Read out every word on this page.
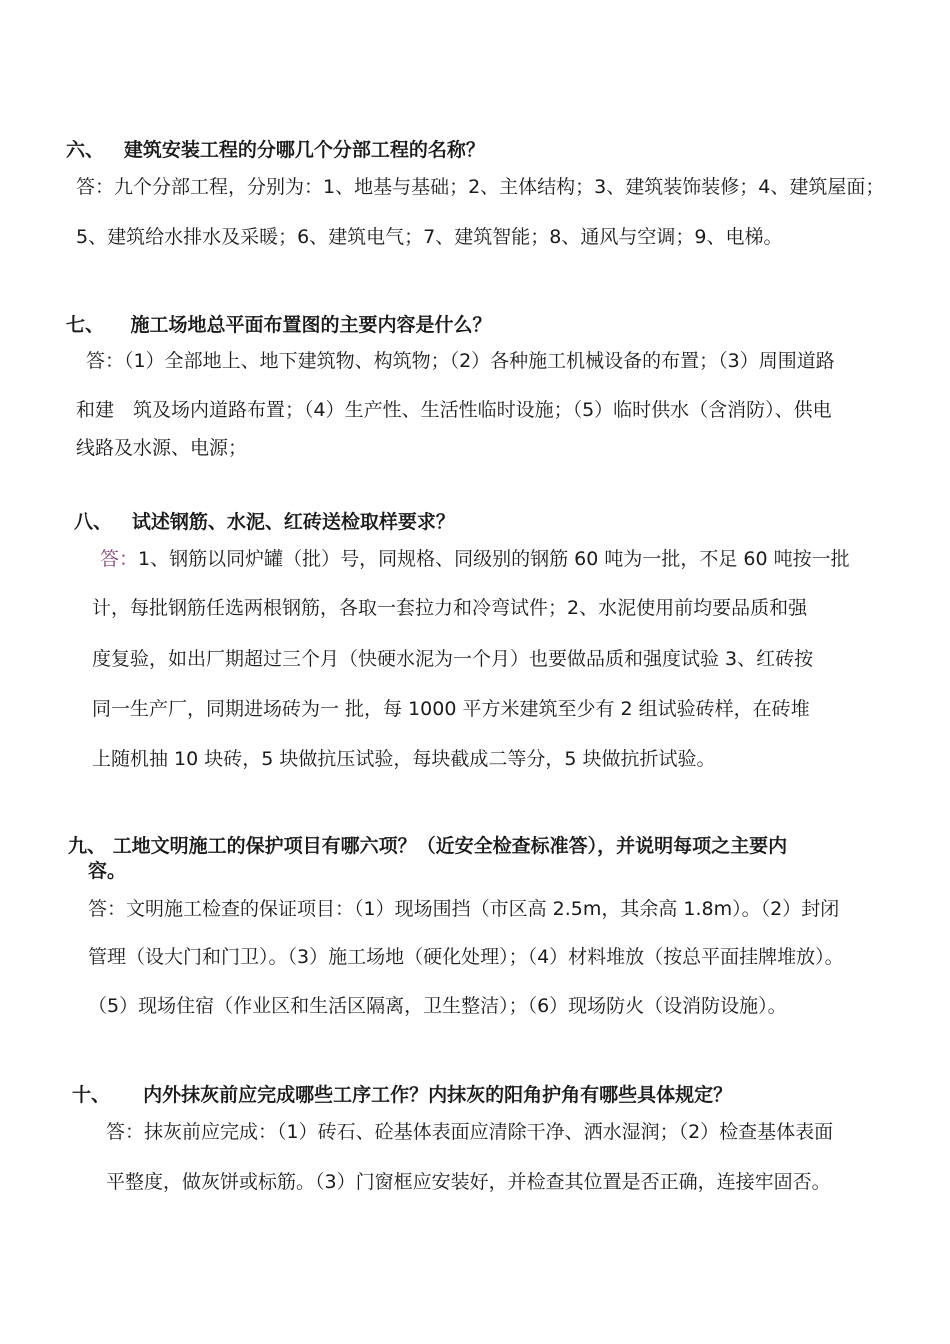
六、 建筑安装工程的分哪几个分部工程的名称？
答：九个分部工程，分别为：1、地基与基础；2、主体结构；3、建筑装饰装修；4、建筑屋面；
5、建筑给水排水及采暖；6、建筑电气；7、建筑智能；8、通风与空调；9、电梯。
七、 施工场地总平面布置图的主要内容是什么？
答：（1）全部地上、地下建筑物、构筑物；（2）各种施工机械设备的布置；（3）周围道路
和建　筑及场内道路布置；（4）生产性、生活性临时设施；（5）临时供水（含消防）、供电
线路及水源、电源；
八、 试述钢筋、水泥、红砖送检取样要求？
答：1、钢筋以同炉罐（批）号，同规格、同级别的钢筋 60 吨为一批，不足 60 吨按一批
计，每批钢筋任选两根钢筋，各取一套拉力和冷弯试件；2、水泥使用前均要品质和强
度复验，如出厂期超过三个月（快硬水泥为一个月）也要做品质和强度试验 3、红砖按
同一生产厂，同期进场砖为一 批，每 1000 平方米建筑至少有 2 组试验砖样，在砖堆
上随机抽 10 块砖，5 块做抗压试验，每块截成二等分，5 块做抗折试验。
九、 工地文明施工的保护项目有哪六项？（近安全检查标准答），并说明每项之主要内
容。
答：文明施工检查的保证项目：（1）现场围挡（市区高 2.5m，其余高 1.8m）。（2）封闭
管理（设大门和门卫）。（3）施工场地（硬化处理）；（4）材料堆放（按总平面挂牌堆放）。
（5）现场住宿（作业区和生活区隔离，卫生整洁）；（6）现场防火（设消防设施）。
十、 内外抹灰前应完成哪些工序工作？内抹灰的阳角护角有哪些具体规定？
答：抹灰前应完成：（1）砖石、砼基体表面应清除干净、洒水湿润；（2）检查基体表面
平整度，做灰饼或标筋。（3）门窗框应安装好，并检查其位置是否正确，连接牢固否。
